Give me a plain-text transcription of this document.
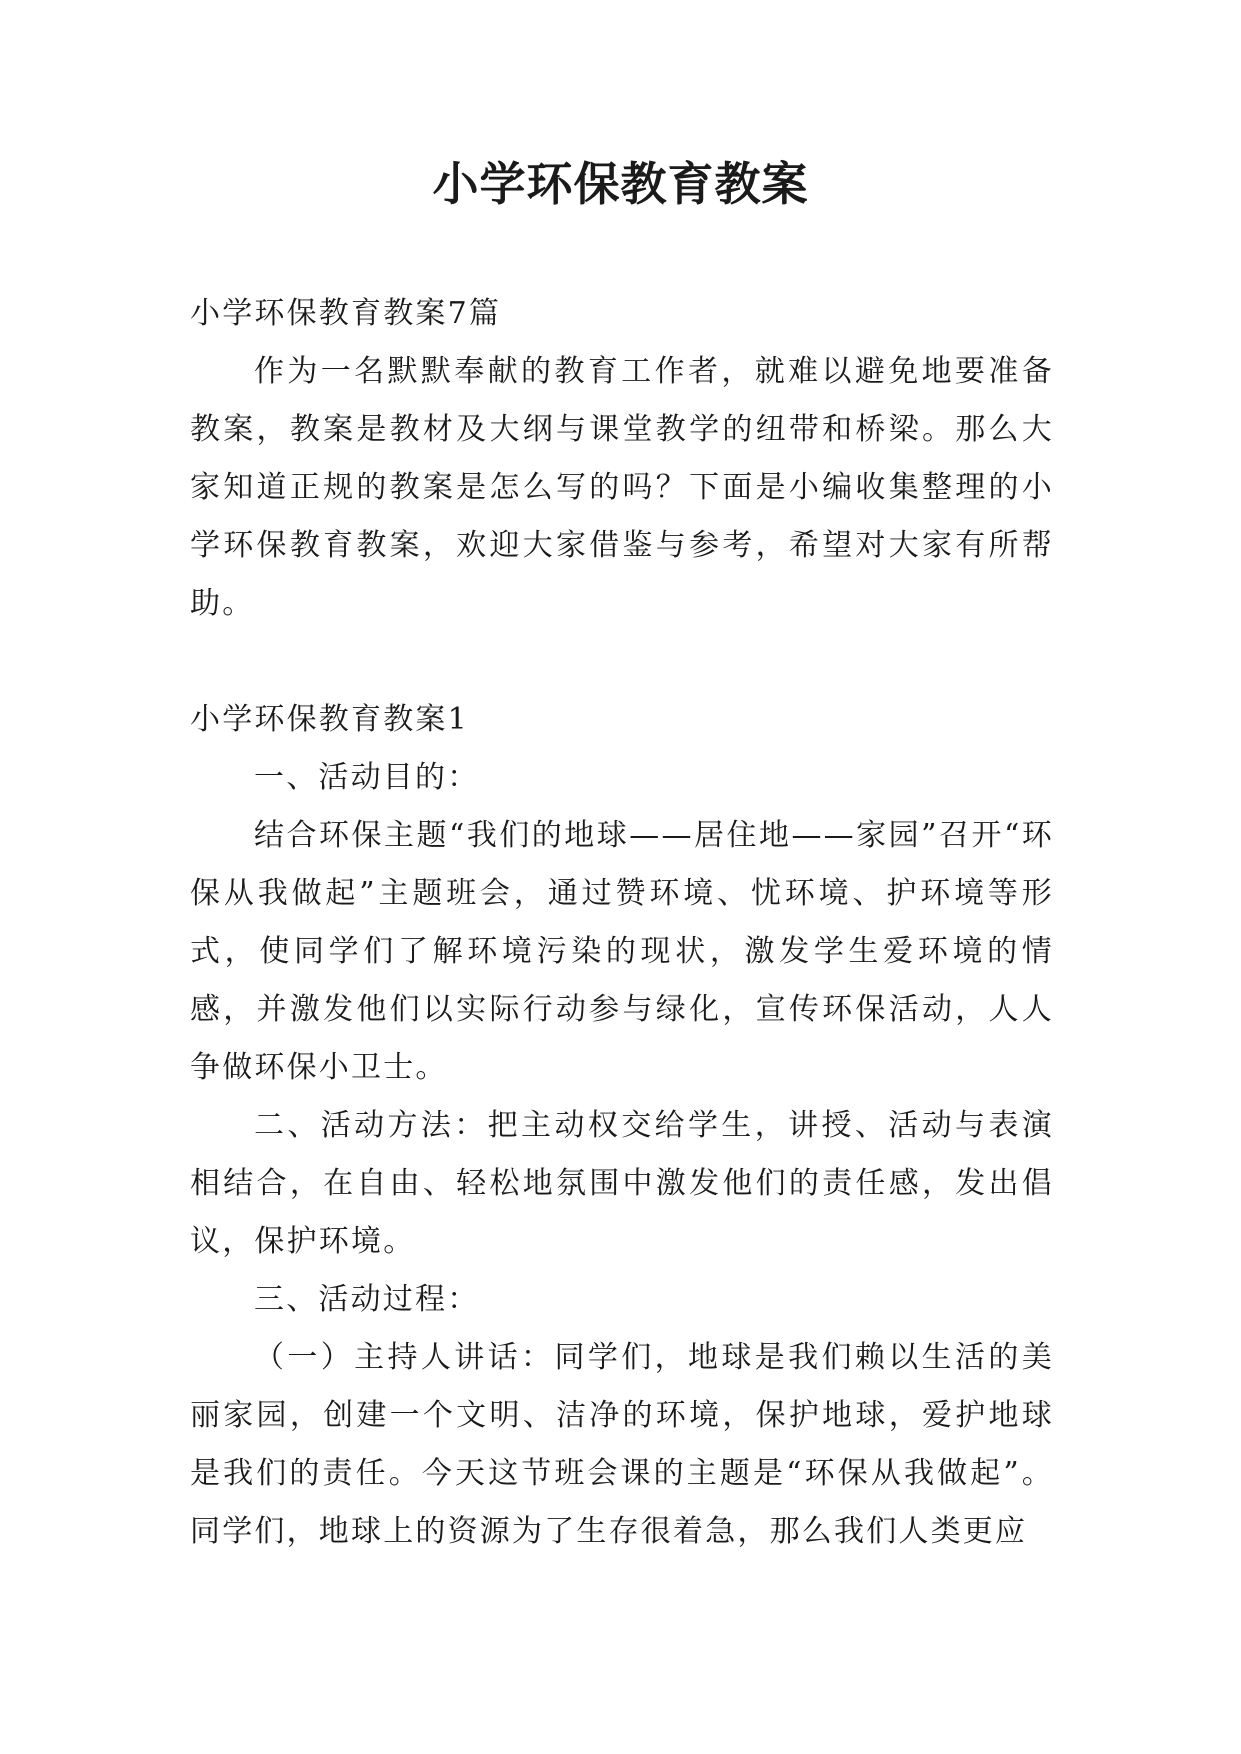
小学环保教育教案

小学环保教育教案7篇

作为一名默默奉献的教育工作者，就难以避免地要准备教案，教案是教材及大纲与课堂教学的纽带和桥梁。那么大家知道正规的教案是怎么写的吗？下面是小编收集整理的小学环保教育教案，欢迎大家借鉴与参考，希望对大家有所帮助。

小学环保教育教案1

一、活动目的：

结合环保主题“我们的地球——居住地——家园”召开“环保从我做起”主题班会，通过赞环境、忧环境、护环境等形式，使同学们了解环境污染的现状，激发学生爱环境的情感，并激发他们以实际行动参与绿化，宣传环保活动，人人争做环保小卫士。

二、活动方法：把主动权交给学生，讲授、活动与表演相结合，在自由、轻松地氛围中激发他们的责任感，发出倡议，保护环境。

三、活动过程：

（一）主持人讲话：同学们，地球是我们赖以生活的美丽家园，创建一个文明、洁净的环境，保护地球，爱护地球是我们的责任。今天这节班会课的主题是“环保从我做起”。同学们，地球上的资源为了生存很着急，那么我们人类更应
